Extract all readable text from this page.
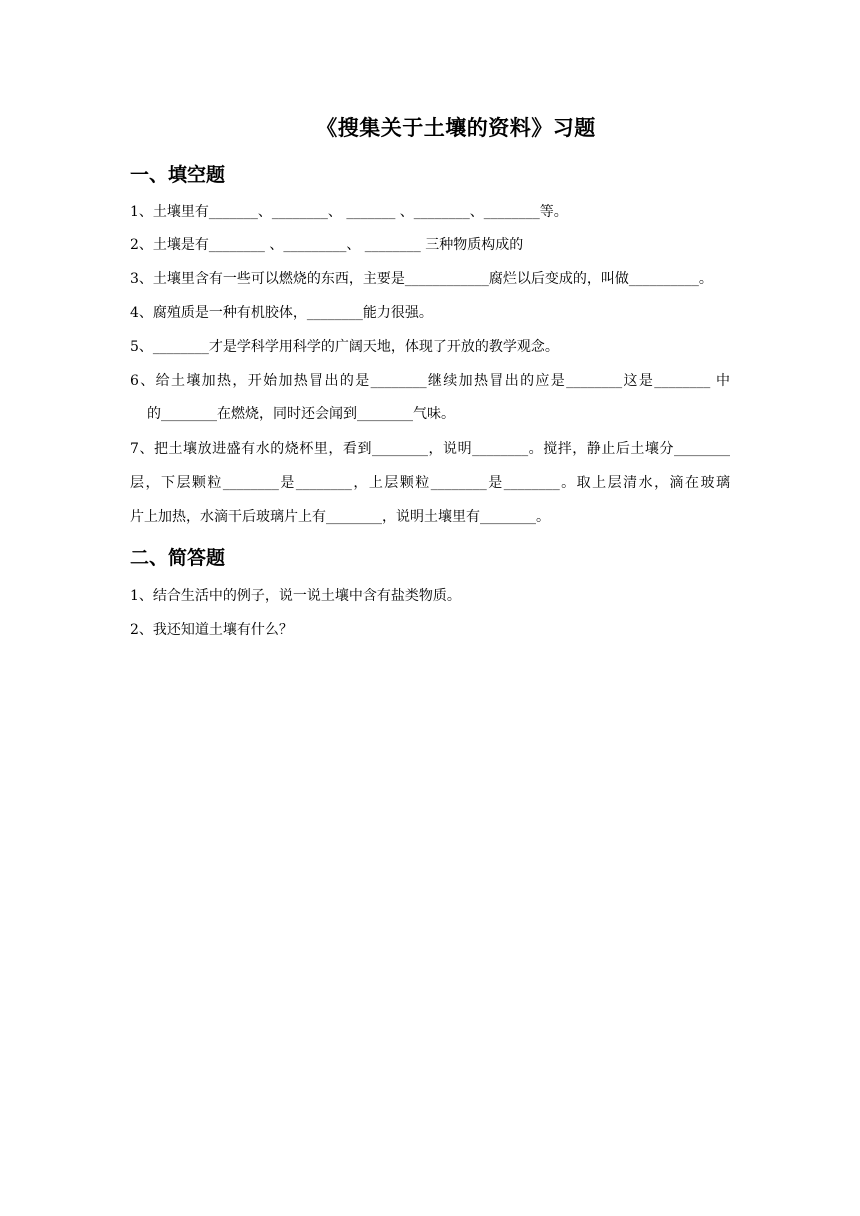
《搜集关于土壤的资料》习题
一、填空题
1、土壤里有_______、________、 _______ 、________、________等。
2、土壤是有________ 、_________、 ________ 三种物质构成的
3、土壤里含有一些可以燃烧的东西，主要是____________腐烂以后变成的，叫做__________。
4、腐殖质是一种有机胶体，________能力很强。
5、________才是学科学用科学的广阔天地，体现了开放的教学观念。
6、给土壤加热，开始加热冒出的是________继续加热冒出的应是________这是________ 中
的________在燃烧，同时还会闻到________气味。
7、把土壤放进盛有水的烧杯里，看到________，说明________。搅拌，静止后土壤分________
层，下层颗粒________是________，上层颗粒________是________。取上层清水，滴在玻璃
片上加热，水滴干后玻璃片上有________，说明土壤里有________。
二、简答题
1、结合生活中的例子，说一说土壤中含有盐类物质。
2、我还知道土壤有什么？
